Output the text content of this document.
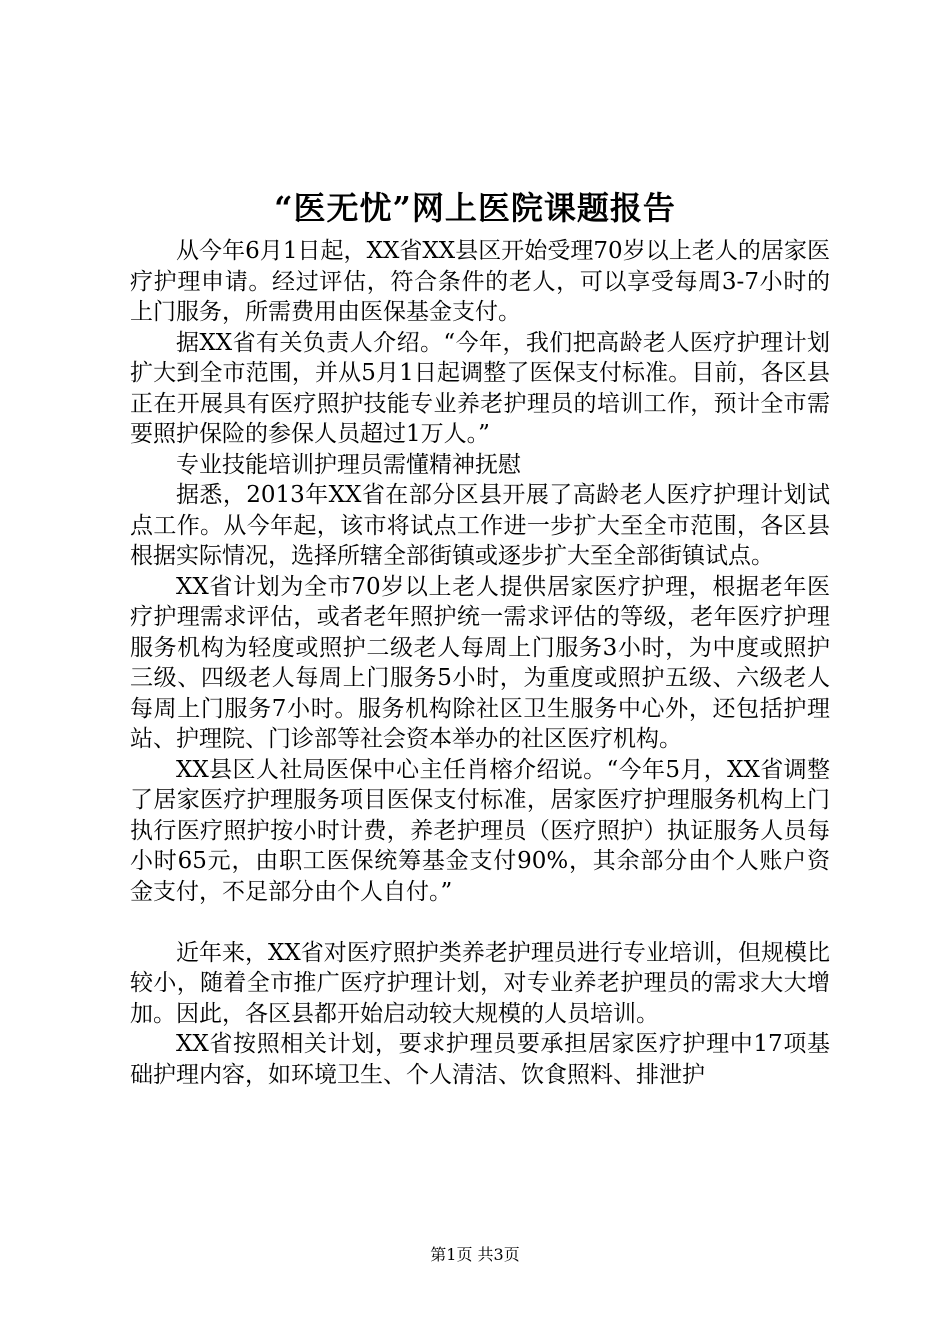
“医无忧”网上医院课题报告

从今年6月1日起，XX省XX县区开始受理70岁以上老人的居家医疗护理申请。经过评估，符合条件的老人，可以享受每周3-7小时的上门服务，所需费用由医保基金支付。

据XX省有关负责人介绍。“今年，我们把高龄老人医疗护理计划扩大到全市范围，并从5月1日起调整了医保支付标准。目前，各区县正在开展具有医疗照护技能专业养老护理员的培训工作，预计全市需要照护保险的参保人员超过1万人。”

专业技能培训护理员需懂精神抚慰

据悉，2013年XX省在部分区县开展了高龄老人医疗护理计划试点工作。从今年起，该市将试点工作进一步扩大至全市范围，各区县根据实际情况，选择所辖全部街镇或逐步扩大至全部街镇试点。

XX省计划为全市70岁以上老人提供居家医疗护理，根据老年医疗护理需求评估，或者老年照护统一需求评估的等级，老年医疗护理服务机构为轻度或照护二级老人每周上门服务3小时，为中度或照护三级、四级老人每周上门服务5小时，为重度或照护五级、六级老人每周上门服务7小时。服务机构除社区卫生服务中心外，还包括护理站、护理院、门诊部等社会资本举办的社区医疗机构。

XX县区人社局医保中心主任肖榕介绍说。“今年5月，XX省调整了居家医疗护理服务项目医保支付标准，居家医疗护理服务机构上门执行医疗照护按小时计费，养老护理员（医疗照护）执证服务人员每小时65元，由职工医保统筹基金支付90%，其余部分由个人账户资金支付，不足部分由个人自付。”

近年来，XX省对医疗照护类养老护理员进行专业培训，但规模比较小，随着全市推广医疗护理计划，对专业养老护理员的需求大大增加。因此，各区县都开始启动较大规模的人员培训。

XX省按照相关计划，要求护理员要承担居家医疗护理中17项基础护理内容，如环境卫生、个人清洁、饮食照料、排泄护

第1页 共3页
